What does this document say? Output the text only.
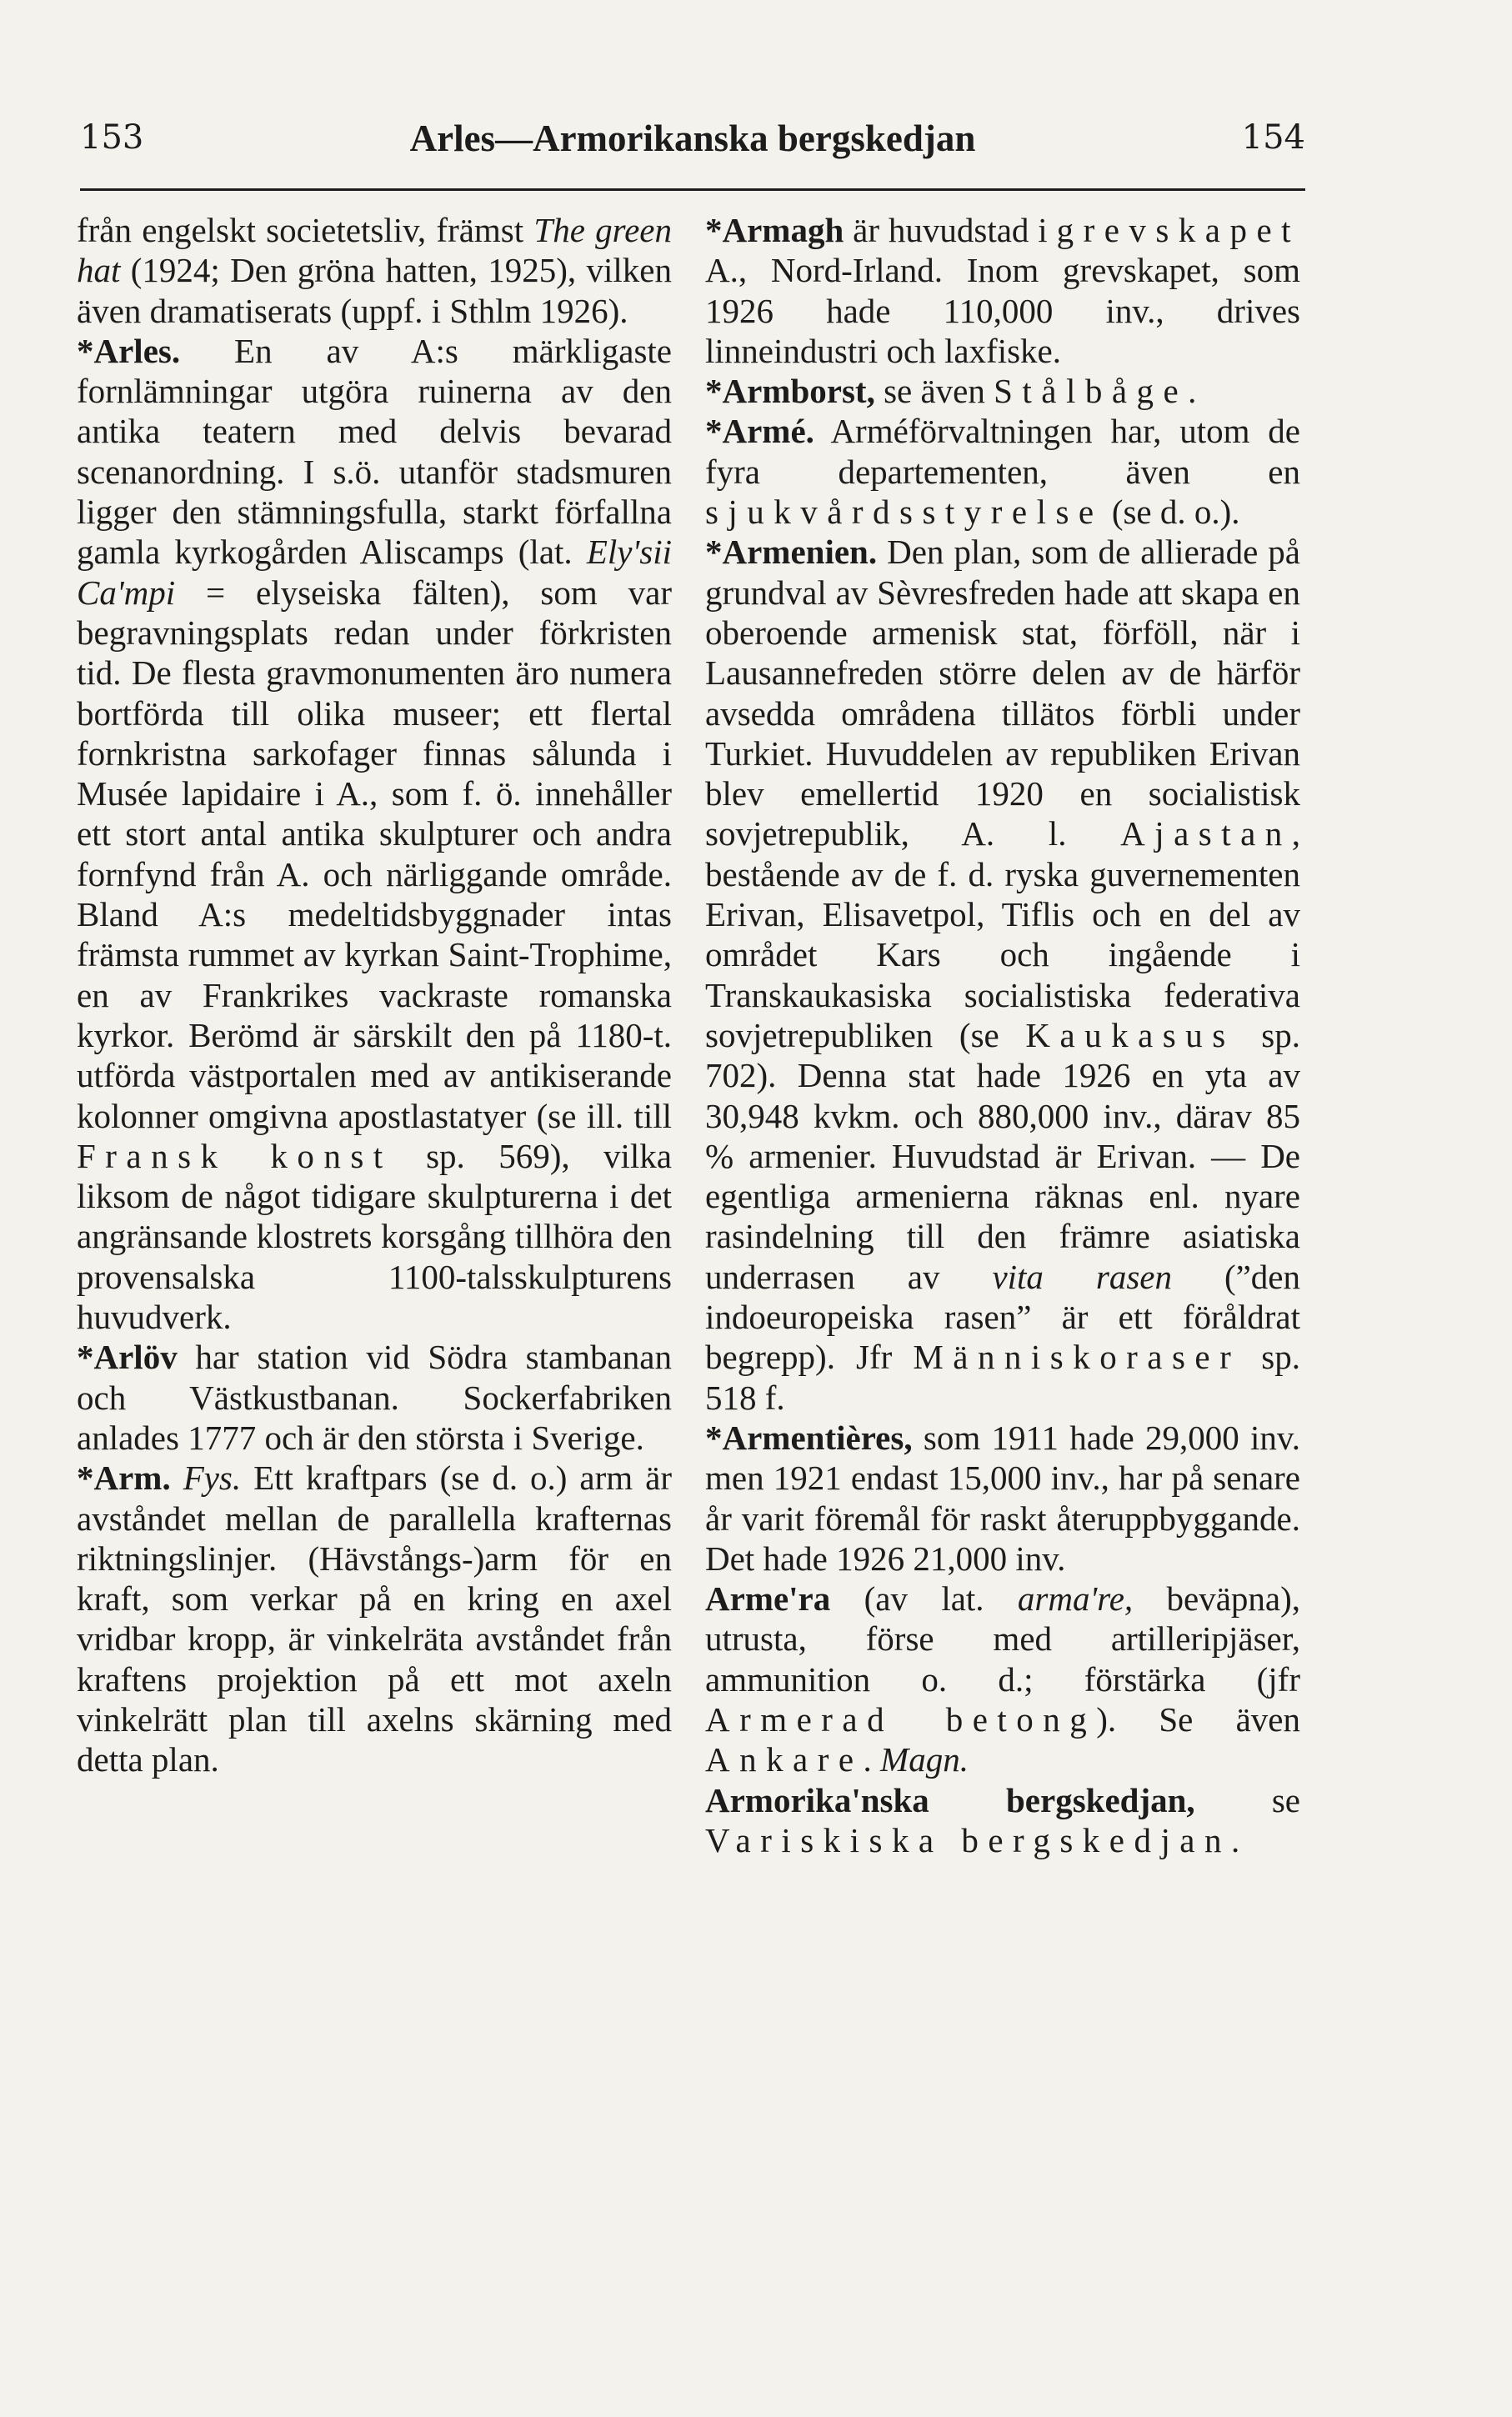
153	Arles—Armorikanska bergskedjan	154

från engelskt societetsliv, främst The green hat (1924; Den gröna hatten, 1925), vilken även dramatiserats (uppf. i Sthlm 1926).

*Arles. En av A:s märkligaste fornlämningar utgöra ruinerna av den antika teatern med delvis bevarad scenanordning. I s.ö. utanför stadsmuren ligger den stämningsfulla, starkt förfallna gamla kyrkogården Aliscamps (lat. Ely'sii Ca'mpi = elyseiska fälten), som var begravningsplats redan under förkristen tid. De flesta gravmonumenten äro numera bortförda till olika museer; ett flertal fornkristna sarkofager finnas sålunda i Musée lapidaire i A., som f. ö. innehåller ett stort antal antika skulpturer och andra fornfynd från A. och närliggande område. Bland A:s medeltidsbyggnader intas främsta rummet av kyrkan Saint-Trophime, en av Frankrikes vackraste romanska kyrkor. Berömd är särskilt den på 1180-t. utförda västportalen med av antikiserande kolonner omgivna apostlastatyer (se ill. till Fransk konst sp. 569), vilka liksom de något tidigare skulpturerna i det angränsande klostrets korsgång tillhöra den provensalska 1100-talsskulpturens huvudverk.

*Arlöv har station vid Södra stambanan och Västkustbanan. Sockerfabriken anlades 1777 och är den största i Sverige.

*Arm. Fys. Ett kraftpars (se d. o.) arm är avståndet mellan de parallella krafternas riktningslinjer. (Hävstångs-)arm för en kraft, som verkar på en kring en axel vridbar kropp, är vinkelräta avståndet från kraftens projektion på ett mot axeln vinkelrätt plan till axelns skärning med detta plan.

*Armagh är huvudstad i grevskapet A., Nord-Irland. Inom grevskapet, som 1926 hade 110,000 inv., drives linneindustri och laxfiske.

*Armborst, se även Stålbåge.

*Armé. Arméförvaltningen har, utom de fyra departementen, även en sjukvårdsstyrelse (se d. o.).

*Armenien. Den plan, som de allierade på grundval av Sèvresfreden hade att skapa en oberoende armenisk stat, förföll, när i Lausannefreden större delen av de härför avsedda områdena tillätos förbli under Turkiet. Huvuddelen av republiken Erivan blev emellertid 1920 en socialistisk sovjetrepublik, A. l. Ajastan, bestående av de f. d. ryska guvernementen Erivan, Elisavetpol, Tiflis och en del av området Kars och ingående i Transkaukasiska socialistiska federativa sovjetrepubliken (se Kaukasus sp. 702). Denna stat hade 1926 en yta av 30,948 kvkm. och 880,000 inv., därav 85 % armenier. Huvudstad är Erivan. — De egentliga armenierna räknas enl. nyare rasindelning till den främre asiatiska underrasen av vita rasen (”den indoeuropeiska rasen” är ett föråldrat begrepp). Jfr Människoraser sp. 518 f.

*Armentières, som 1911 hade 29,000 inv. men 1921 endast 15,000 inv., har på senare år varit föremål för raskt återuppbyggande. Det hade 1926 21,000 inv.

Arme'ra (av lat. arma're, beväpna), utrusta, förse med artilleripjäser, ammunition o. d.; förstärka (jfr Armerad betong). Se även Ankare. Magn.

Armorika'nska bergskedjan, se Variskiska bergskedjan.
